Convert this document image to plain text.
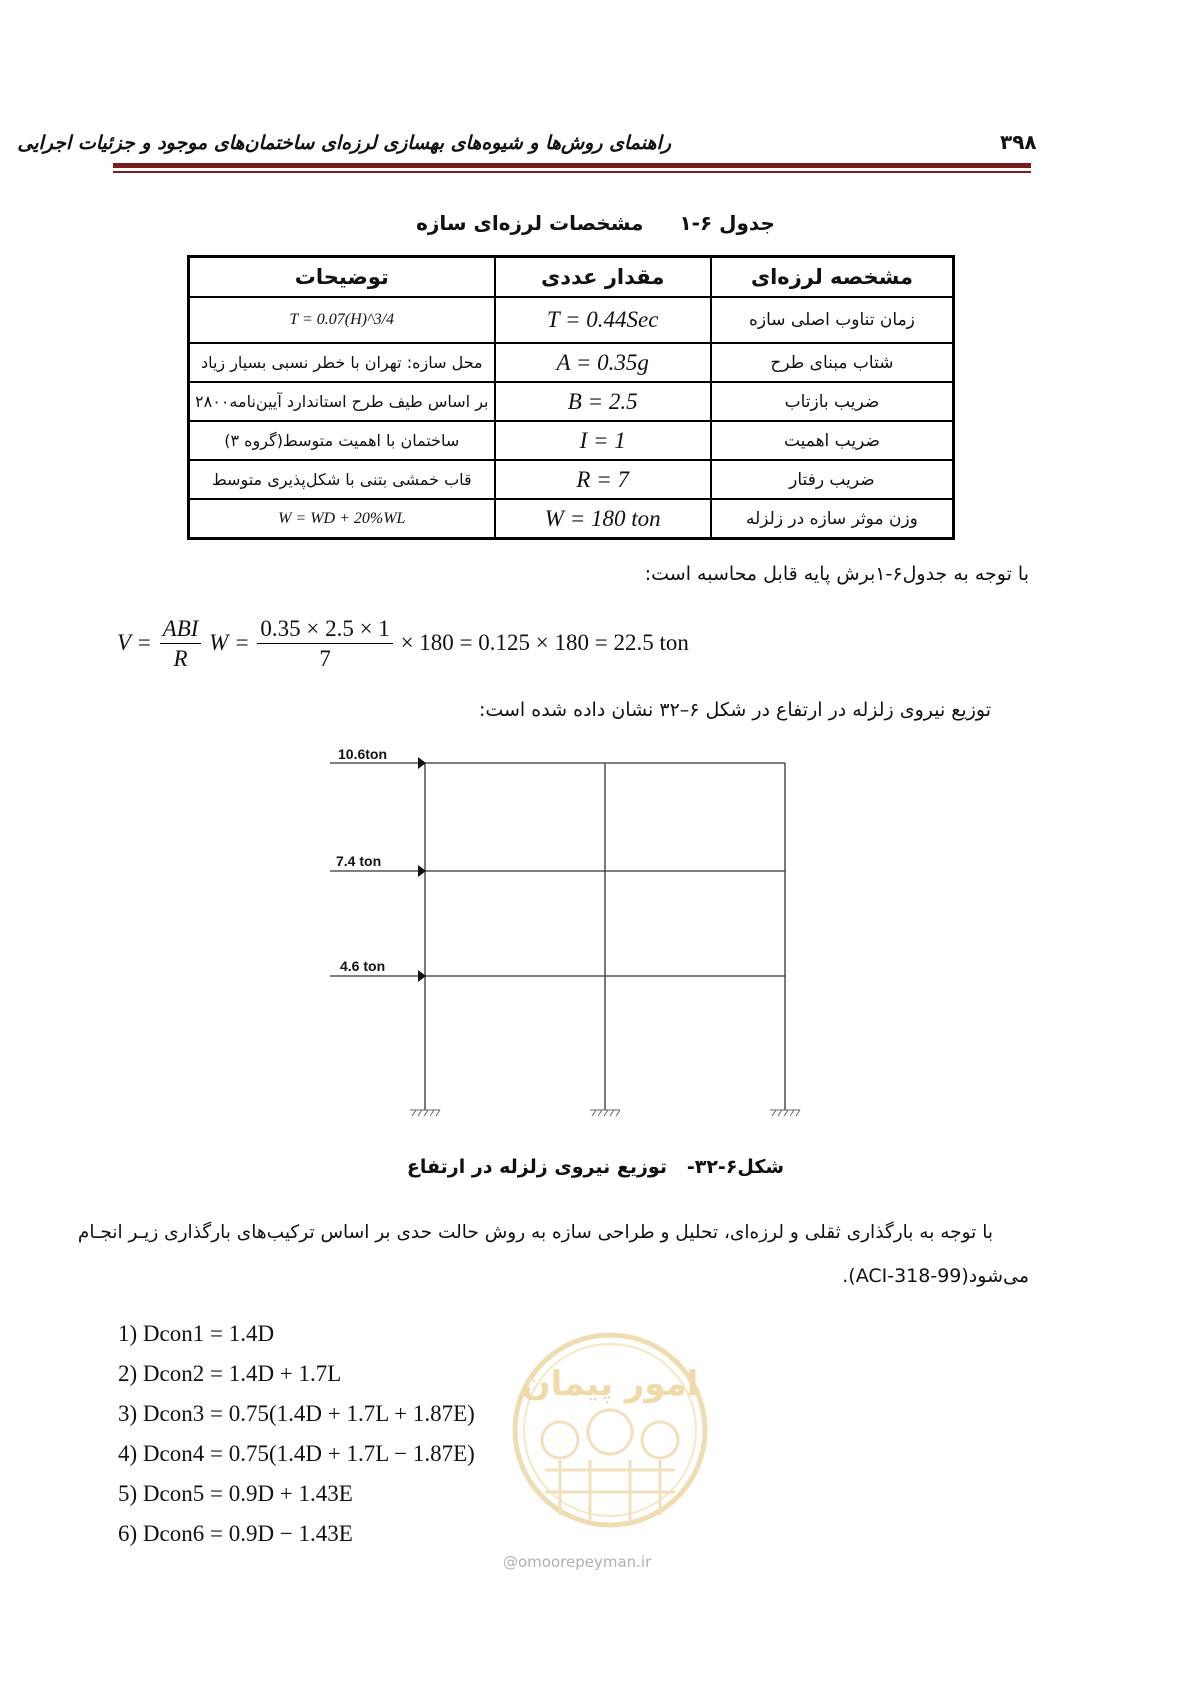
راهنمای روش‌ها و شیوه‌های بهسازی لرزه‌ای ساختمان‌های موجود و جزئیات اجرایی	۳۹۸
جدول ۶-۱مشخصات لرزه‌ای سازه
مشخصه لرزه‌ای	مقدار عددی	توضیحات
زمان تناوب اصلی سازه	T = 0.44Sec	T = 0.07(H)^3/4
شتاب مبنای طرح	A = 0.35g	محل سازه: تهران با خطر نسبی بسیار زیاد
ضریب بازتاب	B = 2.5	بر اساس طیف طرح استاندارد آیین‌نامه۲۸۰۰
ضریب اهمیت	I = 1	ساختمان با اهمیت متوسط(گروه ۳)
ضریب رفتار	R = 7	قاب خمشی بتنی با شکل‌پذیری متوسط
وزن موثر سازه در زلزله	W = 180 ton	W = WD + 20%WL
با توجه به جدول۶-۱برش پایه قابل محاسبه است:
$V = \frac{\text{ABI}}{R}$ $W = \frac{0.35 \times 2.5 \times 1}{7} \times 180 = 0.125 \times 180 = 22.5$ ton
توزیع نیروی زلزله در ارتفاع در شکل ۶–۳۲ نشان داده شده است:
10.6ton
7.4 ton
4.6 ton
شکل۶-۳۲-   توزیع نیروی زلزله در ارتفاع
با توجه به بارگذاری ثقلی و لرزه‌ای، تحلیل و طراحی سازه به روش حالت حدی بر اساس ترکیب‌های بارگذاری زیـر انجـام
می‌شود(ACI-318-99).
امور پیمان
@omoorepeyman.ir
1) Dcon1 = 1.4D
2) Dcon2 = 1.4D + 1.7L
3) Dcon3 = 0.75(1.4D + 1.7L + 1.87E)
4) Dcon4 = 0.75(1.4D + 1.7L − 1.87E)
5) Dcon5 = 0.9D + 1.43E
6) Dcon6 = 0.9D − 1.43E
